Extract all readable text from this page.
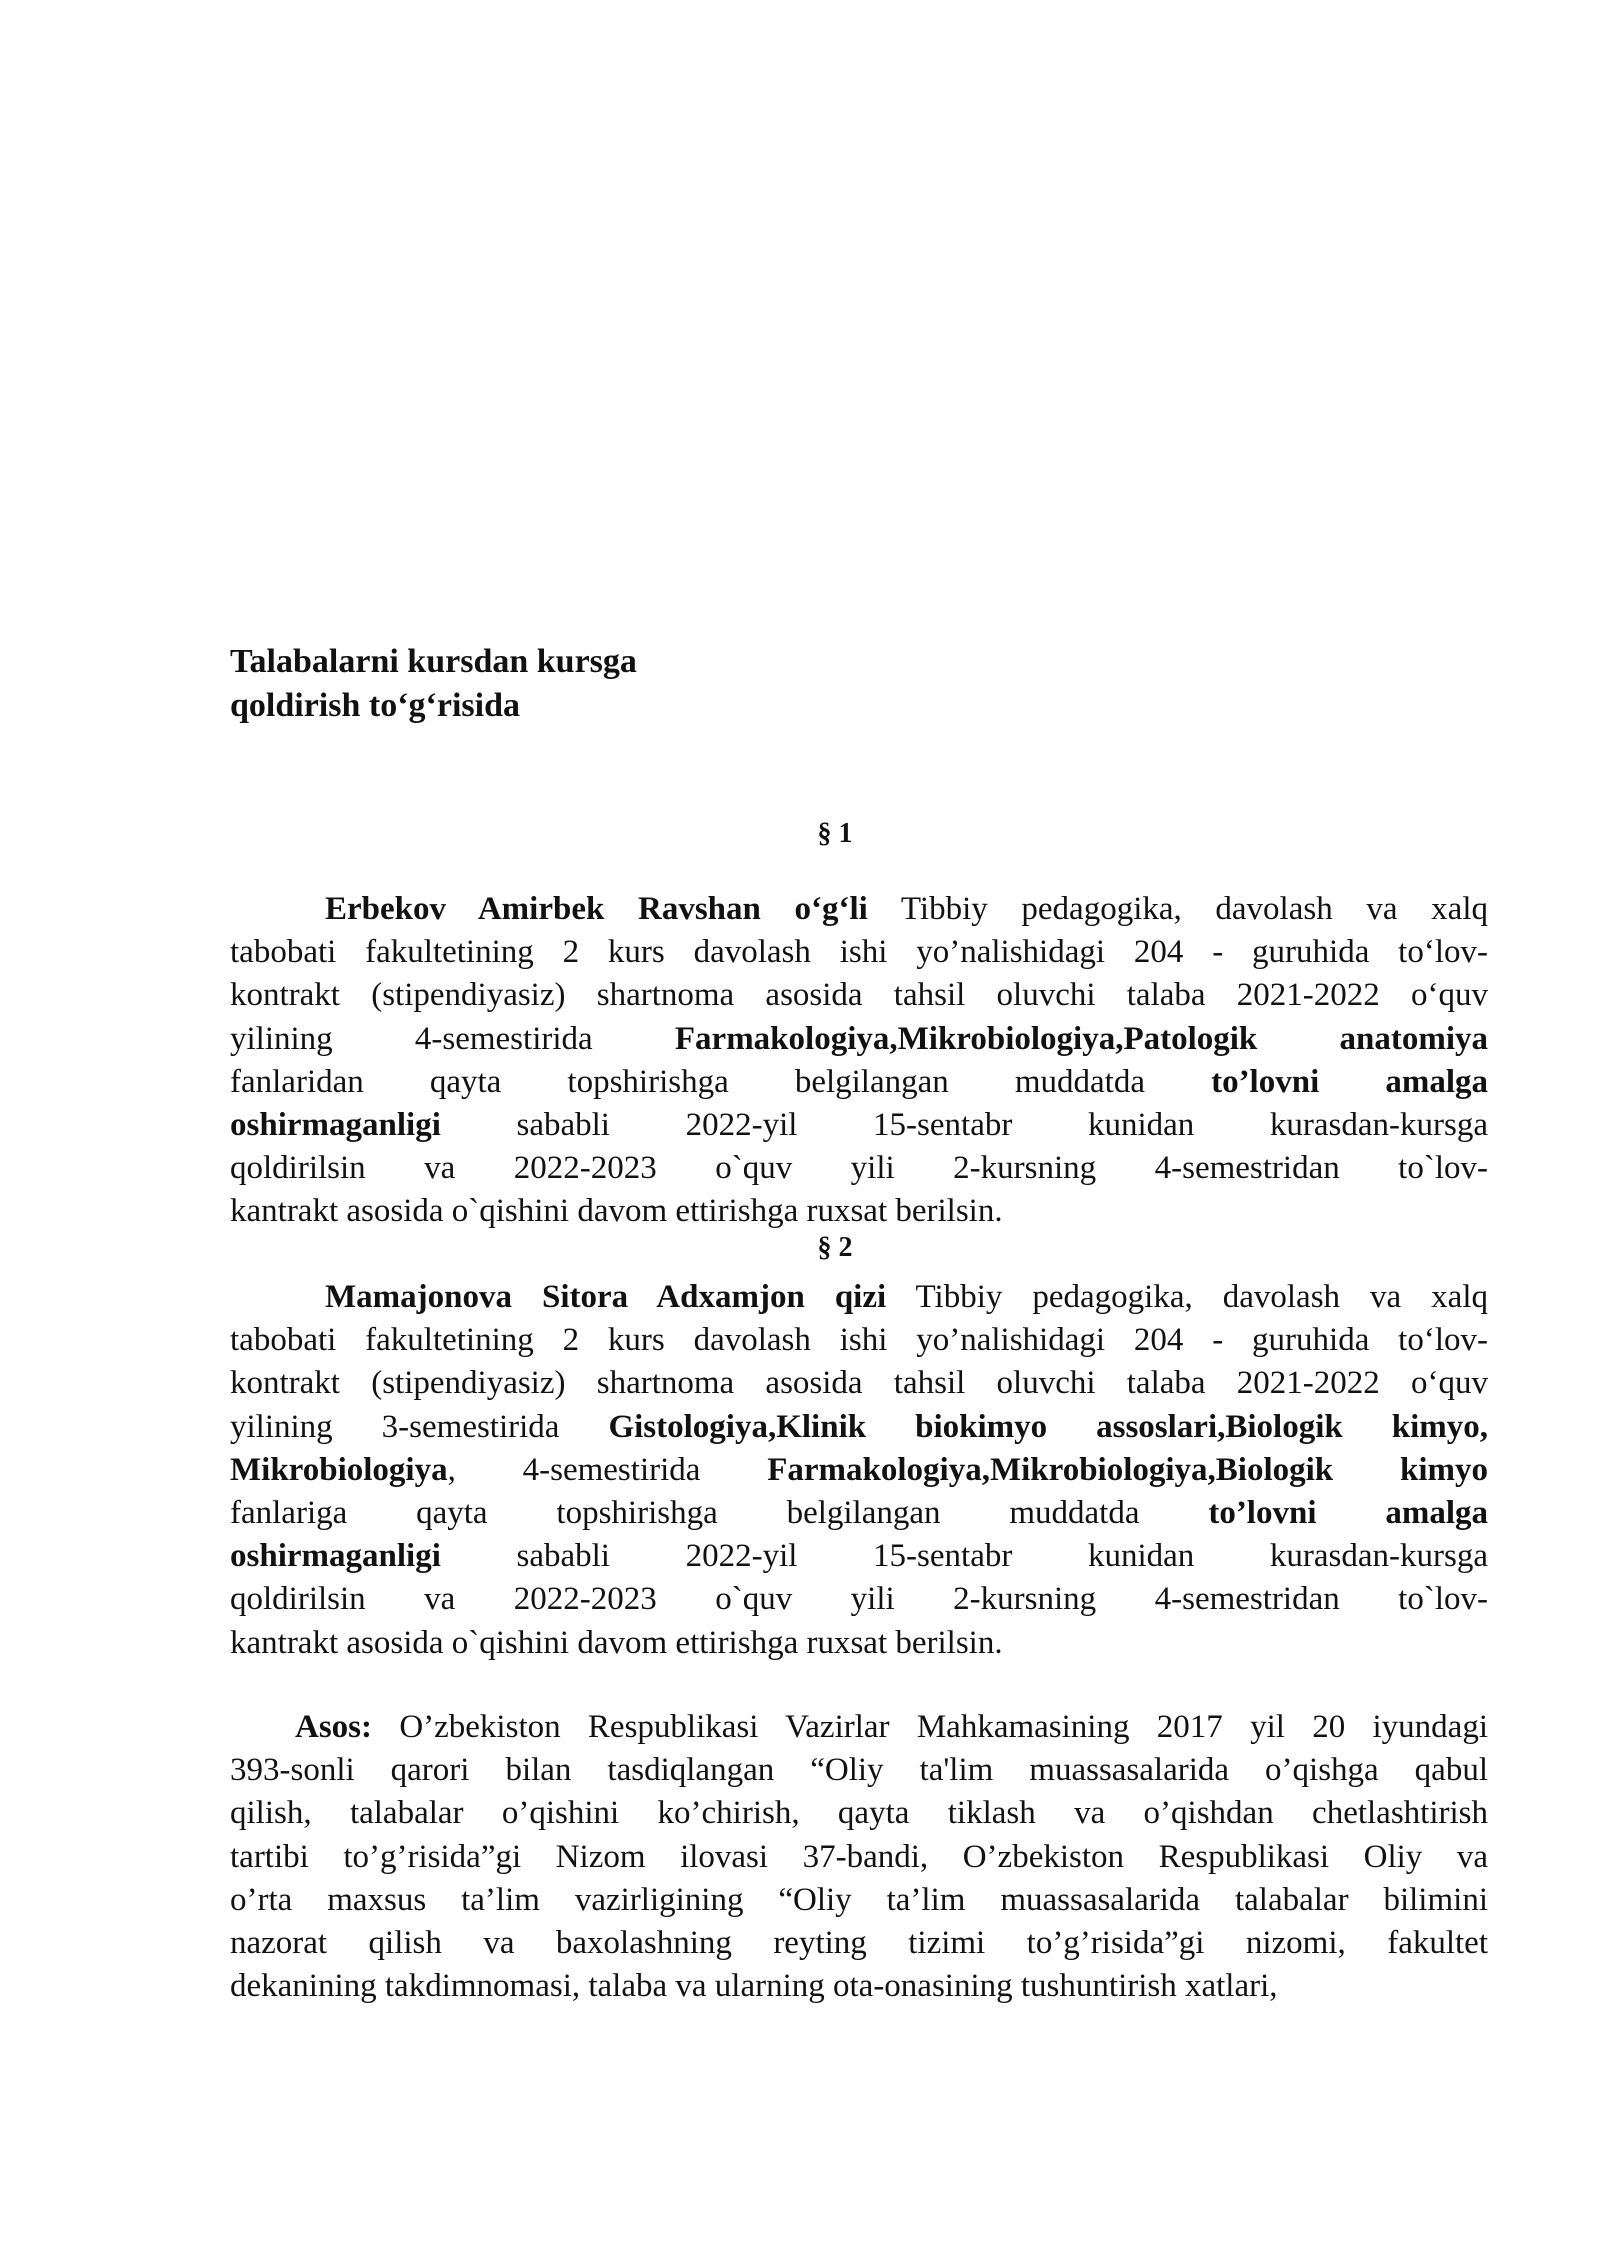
Talabalarni kursdan kursga
qoldirish to‘g‘risida
§ 1
Erbekov Amirbek Ravshan o‘g‘li Tibbiy pedagogika, davolash va xalq
tabobati fakultetining 2 kurs davolash ishi yo’nalishidagi 204 - guruhida to‘lov-
kontrakt (stipendiyasiz) shartnoma asosida tahsil oluvchi talaba 2021-2022 o‘quv
yilining 4-semestirida Farmakologiya,Mikrobiologiya,Patologik anatomiya
fanlaridan qayta topshirishga belgilangan muddatda to’lovni amalga
oshirmaganligi sababli 2022-yil 15-sentabr kunidan kurasdan-kursga
qoldirilsin va 2022-2023 o`quv yili 2-kursning 4-semestridan to`lov-
kantrakt asosida o`qishini davom ettirishga ruxsat berilsin.
§ 2
Mamajonova Sitora Adxamjon qizi Tibbiy pedagogika, davolash va xalq
tabobati fakultetining 2 kurs davolash ishi yo’nalishidagi 204 - guruhida to‘lov-
kontrakt (stipendiyasiz) shartnoma asosida tahsil oluvchi talaba 2021-2022 o‘quv
yilining 3-semestirida Gistologiya,Klinik biokimyo assoslari,Biologik kimyo,
Mikrobiologiya, 4-semestirida Farmakologiya,Mikrobiologiya,Biologik kimyo
fanlariga qayta topshirishga belgilangan muddatda to’lovni amalga
oshirmaganligi sababli 2022-yil 15-sentabr kunidan kurasdan-kursga
qoldirilsin va 2022-2023 o`quv yili 2-kursning 4-semestridan to`lov-
kantrakt asosida o`qishini davom ettirishga ruxsat berilsin.
Asos: O’zbekiston Respublikasi Vazirlar Mahkamasining 2017 yil 20 iyundagi
393-sonli qarori bilan tasdiqlangan “Oliy ta'lim muassasalarida o’qishga qabul
qilish, talabalar o’qishini ko’chirish, qayta tiklash va o’qishdan chetlashtirish
tartibi to’g’risida”gi Nizom ilovasi 37-bandi, O’zbekiston Respublikasi Oliy va
o’rta maxsus ta’lim vazirligining “Oliy ta’lim muassasalarida talabalar bilimini
nazorat qilish va baxolashning reyting tizimi to’g’risida”gi nizomi, fakultet
dekanining takdimnomasi, talaba va ularning ota-onasining tushuntirish xatlari,
